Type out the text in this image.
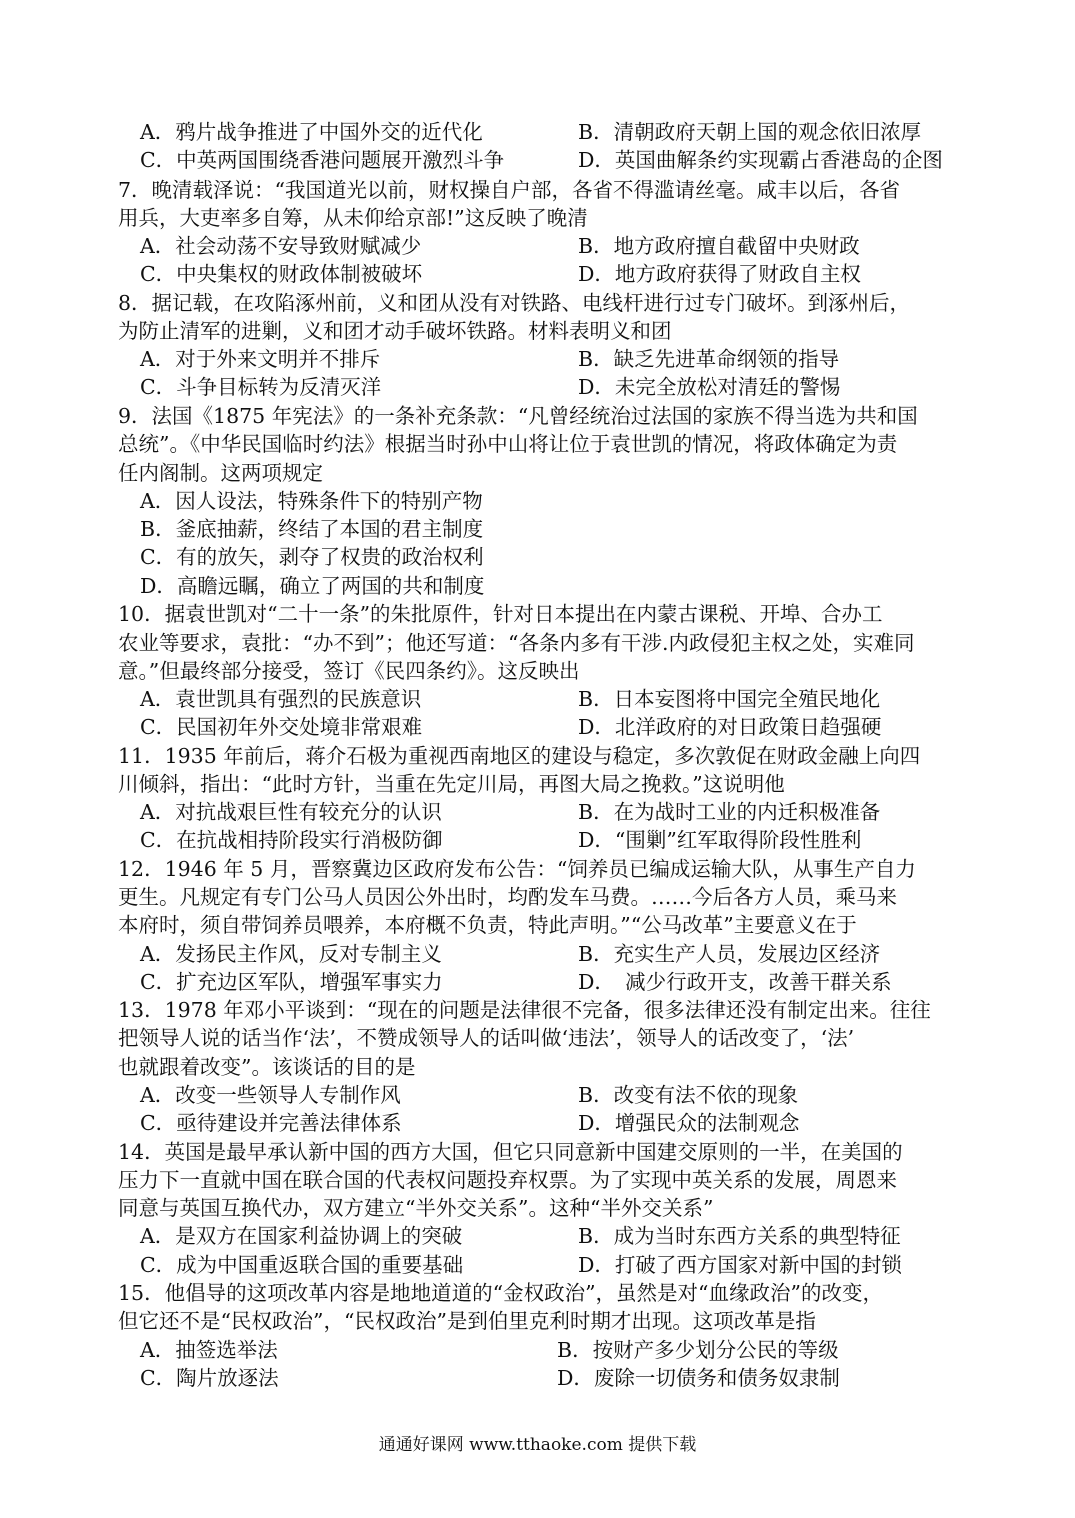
A．鸦片战争推进了中国外交的近代化	B．清朝政府天朝上国的观念依旧浓厚
C．中英两国围绕香港问题展开激烈斗争	D．英国曲解条约实现霸占香港岛的企图
7．晚清载泽说：“我国道光以前，财权操自户部，各省不得滥请丝毫。咸丰以后，各省
用兵，大吏率多自筹，从未仰给京部!”这反映了晚清
A．社会动荡不安导致财赋减少	B．地方政府擅自截留中央财政
C．中央集权的财政体制被破坏	D．地方政府获得了财政自主权
8．据记载，在攻陷涿州前，义和团从没有对铁路、电线杆进行过专门破坏。到涿州后，
为防止清军的进剿，义和团才动手破坏铁路。材料表明义和团
A．对于外来文明并不排斥	B．缺乏先进革命纲领的指导
C．斗争目标转为反清灭洋	D．未完全放松对清廷的警惕
9．法国《1875 年宪法》的一条补充条款：“凡曾经统治过法国的家族不得当选为共和国
总统”。《中华民国临时约法》根据当时孙中山将让位于袁世凯的情况，将政体确定为责
任内阁制。这两项规定
A．因人设法，特殊条件下的特别产物
B．釜底抽薪，终结了本国的君主制度
C．有的放矢，剥夺了权贵的政治权利
D．高瞻远瞩，确立了两国的共和制度
10．据袁世凯对“二十一条”的朱批原件，针对日本提出在内蒙古课税、开埠、合办工
农业等要求，袁批：“办不到”；他还写道：“各条内多有干涉.内政侵犯主权之处，实难同
意。”但最终部分接受，签订《民四条约》。这反映出
A．袁世凯具有强烈的民族意识	B．日本妄图将中国完全殖民地化
C．民国初年外交处境非常艰难	D．北洋政府的对日政策日趋强硬
11．1935 年前后，蒋介石极为重视西南地区的建设与稳定，多次敦促在财政金融上向四
川倾斜，指出：“此时方针，当重在先定川局，再图大局之挽救。”这说明他
A．对抗战艰巨性有较充分的认识	B．在为战时工业的内迁积极准备
C．在抗战相持阶段实行消极防御	D．“围剿”红军取得阶段性胜利
12．1946 年 5 月，晋察冀边区政府发布公告：“饲养员已编成运输大队，从事生产自力
更生。凡规定有专门公马人员因公外出时，均酌发车马费。……今后各方人员，乘马来
本府时，须自带饲养员喂养，本府概不负责，特此声明。”“公马改革”主要意义在于
A．发扬民主作风，反对专制主义	B．充实生产人员，发展边区经济
C．扩充边区军队，增强军事实力	D．　减少行政开支，改善干群关系
13．1978 年邓小平谈到：“现在的问题是法律很不完备，很多法律还没有制定出来。往往
把领导人说的话当作‘法’，不赞成领导人的话叫做‘违法’，领导人的话改变了，‘法’
也就跟着改变”。该谈话的目的是
A．改变一些领导人专制作风	B．改变有法不依的现象
C．亟待建设并完善法律体系	D．增强民众的法制观念
14．英国是最早承认新中国的西方大国，但它只同意新中国建交原则的一半，在美国的
压力下一直就中国在联合国的代表权问题投弃权票。为了实现中英关系的发展，周恩来
同意与英国互换代办，双方建立“半外交关系”。这种“半外交关系”
A．是双方在国家利益协调上的突破	B．成为当时东西方关系的典型特征
C．成为中国重返联合国的重要基础	D．打破了西方国家对新中国的封锁
15．他倡导的这项改革内容是地地道道的“金权政治”，虽然是对“血缘政治”的改变，
但它还不是“民权政治”，“民权政治”是到伯里克利时期才出现。这项改革是指
A．抽签选举法	B．按财产多少划分公民的等级
C．陶片放逐法	D．废除一切债务和债务奴隶制
通通好课网 www.tthaoke.com 提供下载
